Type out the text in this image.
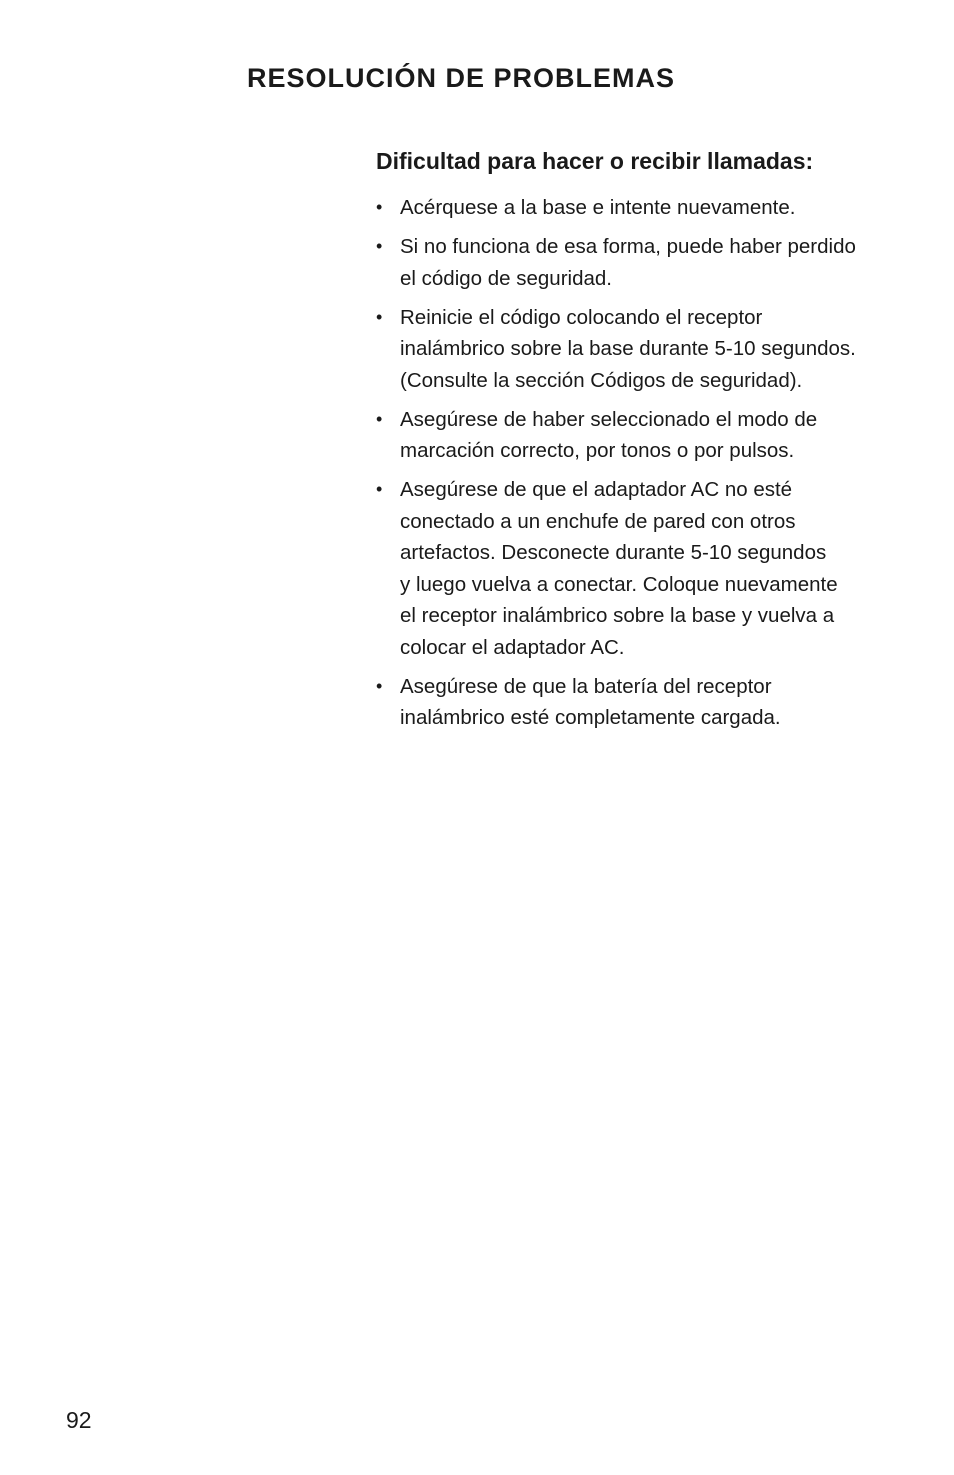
RESOLUCIÓN DE PROBLEMAS
Dificultad para hacer o recibir llamadas:
• Acérquese a la base e intente nuevamente.
• Si no funciona de esa forma, puede haber perdido
el código de seguridad.
• Reinicie el código colocando el receptor
inalámbrico sobre la base durante 5-10 segundos.
(Consulte la sección Códigos de seguridad).
• Asegúrese de haber seleccionado el modo de
marcación correcto, por tonos o por pulsos.
• Asegúrese de que el adaptador AC no esté
conectado a un enchufe de pared con otros
artefactos. Desconecte durante 5-10 segundos
y luego vuelva a conectar. Coloque nuevamente
el receptor inalámbrico sobre la base y vuelva a
colocar el adaptador AC.
• Asegúrese de que la batería del receptor
inalámbrico esté completamente cargada.
92
